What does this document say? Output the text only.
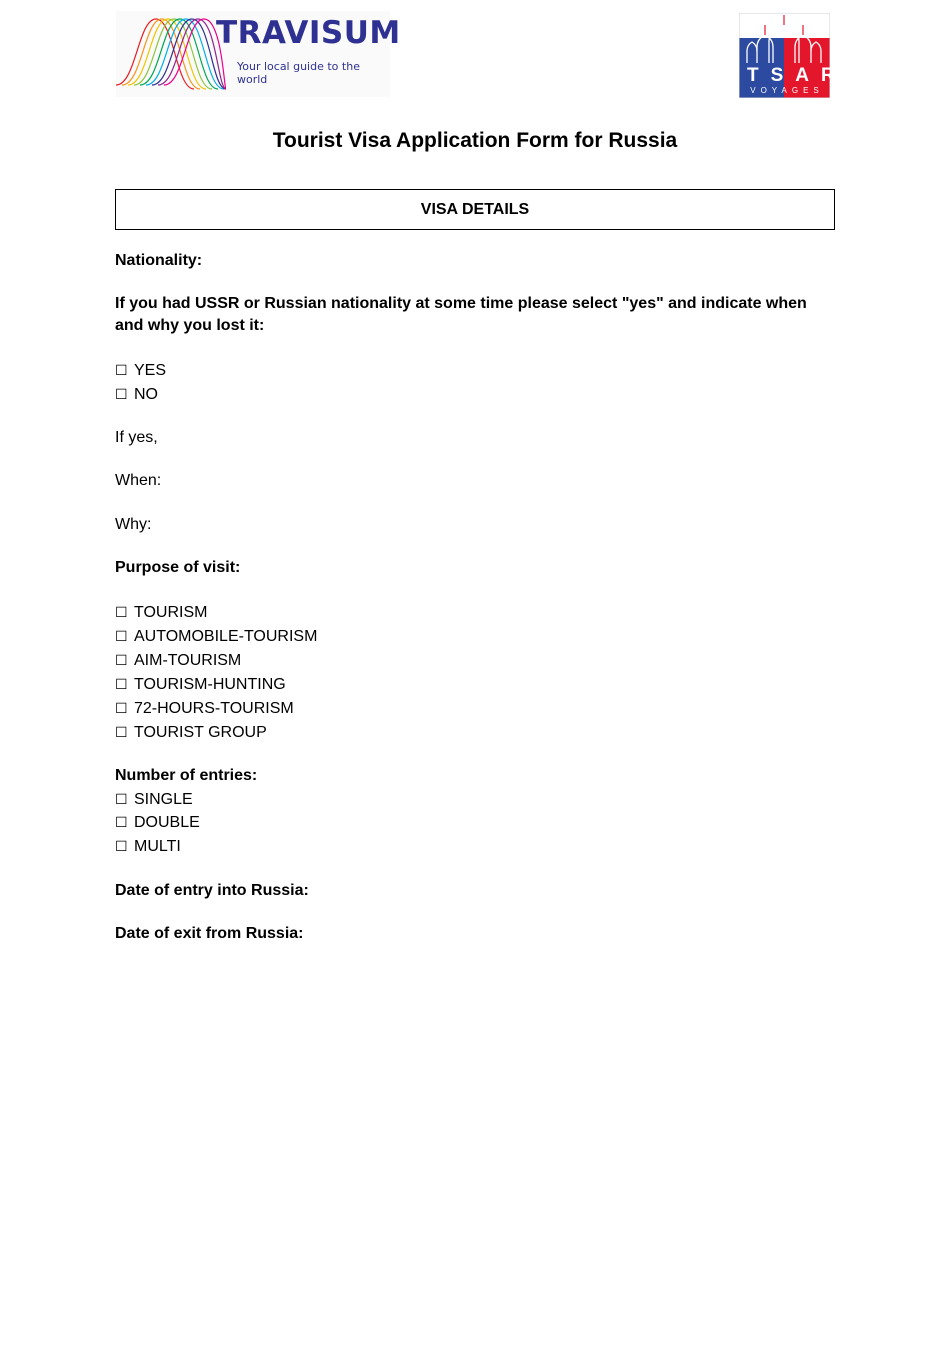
TRAVISUM
Your local guide to the world	TSAR
VOYAGES
Tourist Visa Application Form for Russia
VISA DETAILS
Nationality:
If you had USSR or Russian nationality at some time please select "yes" and indicate when and why you lost it:
☐ YES
☐ NO
If yes,
When:
Why:
Purpose of visit:
☐ TOURISM
☐ AUTOMOBILE-TOURISM
☐ AIM-TOURISM
☐ TOURISM-HUNTING
☐ 72-HOURS-TOURISM
☐ TOURIST GROUP
Number of entries:
☐ SINGLE
☐ DOUBLE
☐ MULTI
Date of entry into Russia:
Date of exit from Russia:
